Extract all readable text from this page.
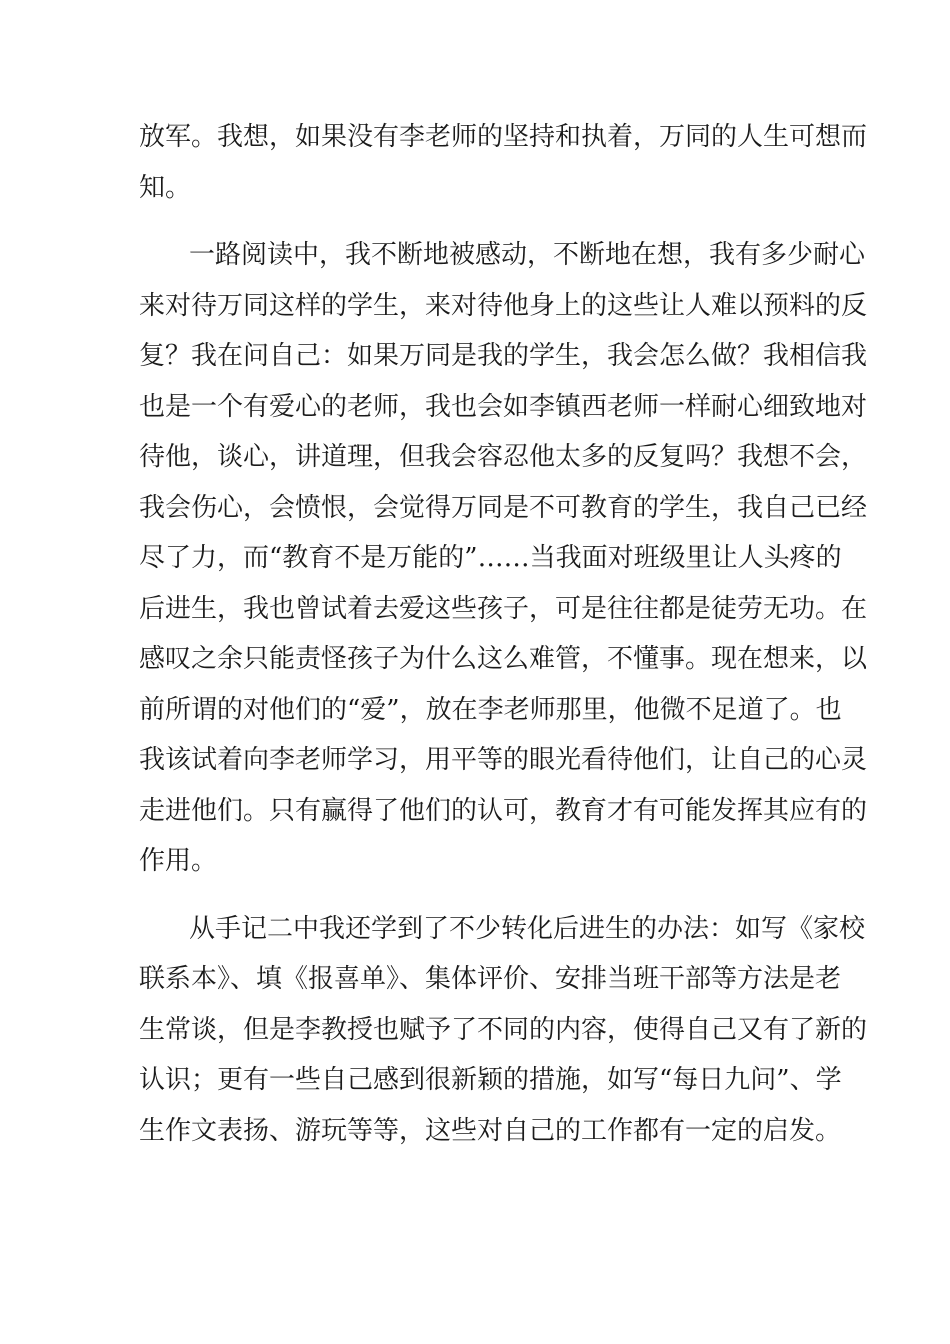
放军。我想，如果没有李老师的坚持和执着，万同的人生可想而
知。
一路阅读中，我不断地被感动，不断地在想，我有多少耐心
来对待万同这样的学生，来对待他身上的这些让人难以预料的反
复？我在问自己：如果万同是我的学生，我会怎么做？我相信我
也是一个有爱心的老师，我也会如李镇西老师一样耐心细致地对
待他，谈心，讲道理，但我会容忍他太多的反复吗？我想不会，
我会伤心，会愤恨，会觉得万同是不可教育的学生，我自己已经
尽了力，而“教育不是万能的”……当我面对班级里让人头疼的
后进生，我也曾试着去爱这些孩子，可是往往都是徒劳无功。在
感叹之余只能责怪孩子为什么这么难管，不懂事。现在想来，以
前所谓的对他们的“爱”，放在李老师那里，他微不足道了。也
我该试着向李老师学习，用平等的眼光看待他们，让自己的心灵
走进他们。只有赢得了他们的认可，教育才有可能发挥其应有的
作用。
从手记二中我还学到了不少转化后进生的办法：如写《家校
联系本》、填《报喜单》、集体评价、安排当班干部等方法是老
生常谈，但是李教授也赋予了不同的内容，使得自己又有了新的
认识；更有一些自己感到很新颖的措施，如写“每日九问”、学
生作文表扬、游玩等等，这些对自己的工作都有一定的启发。
